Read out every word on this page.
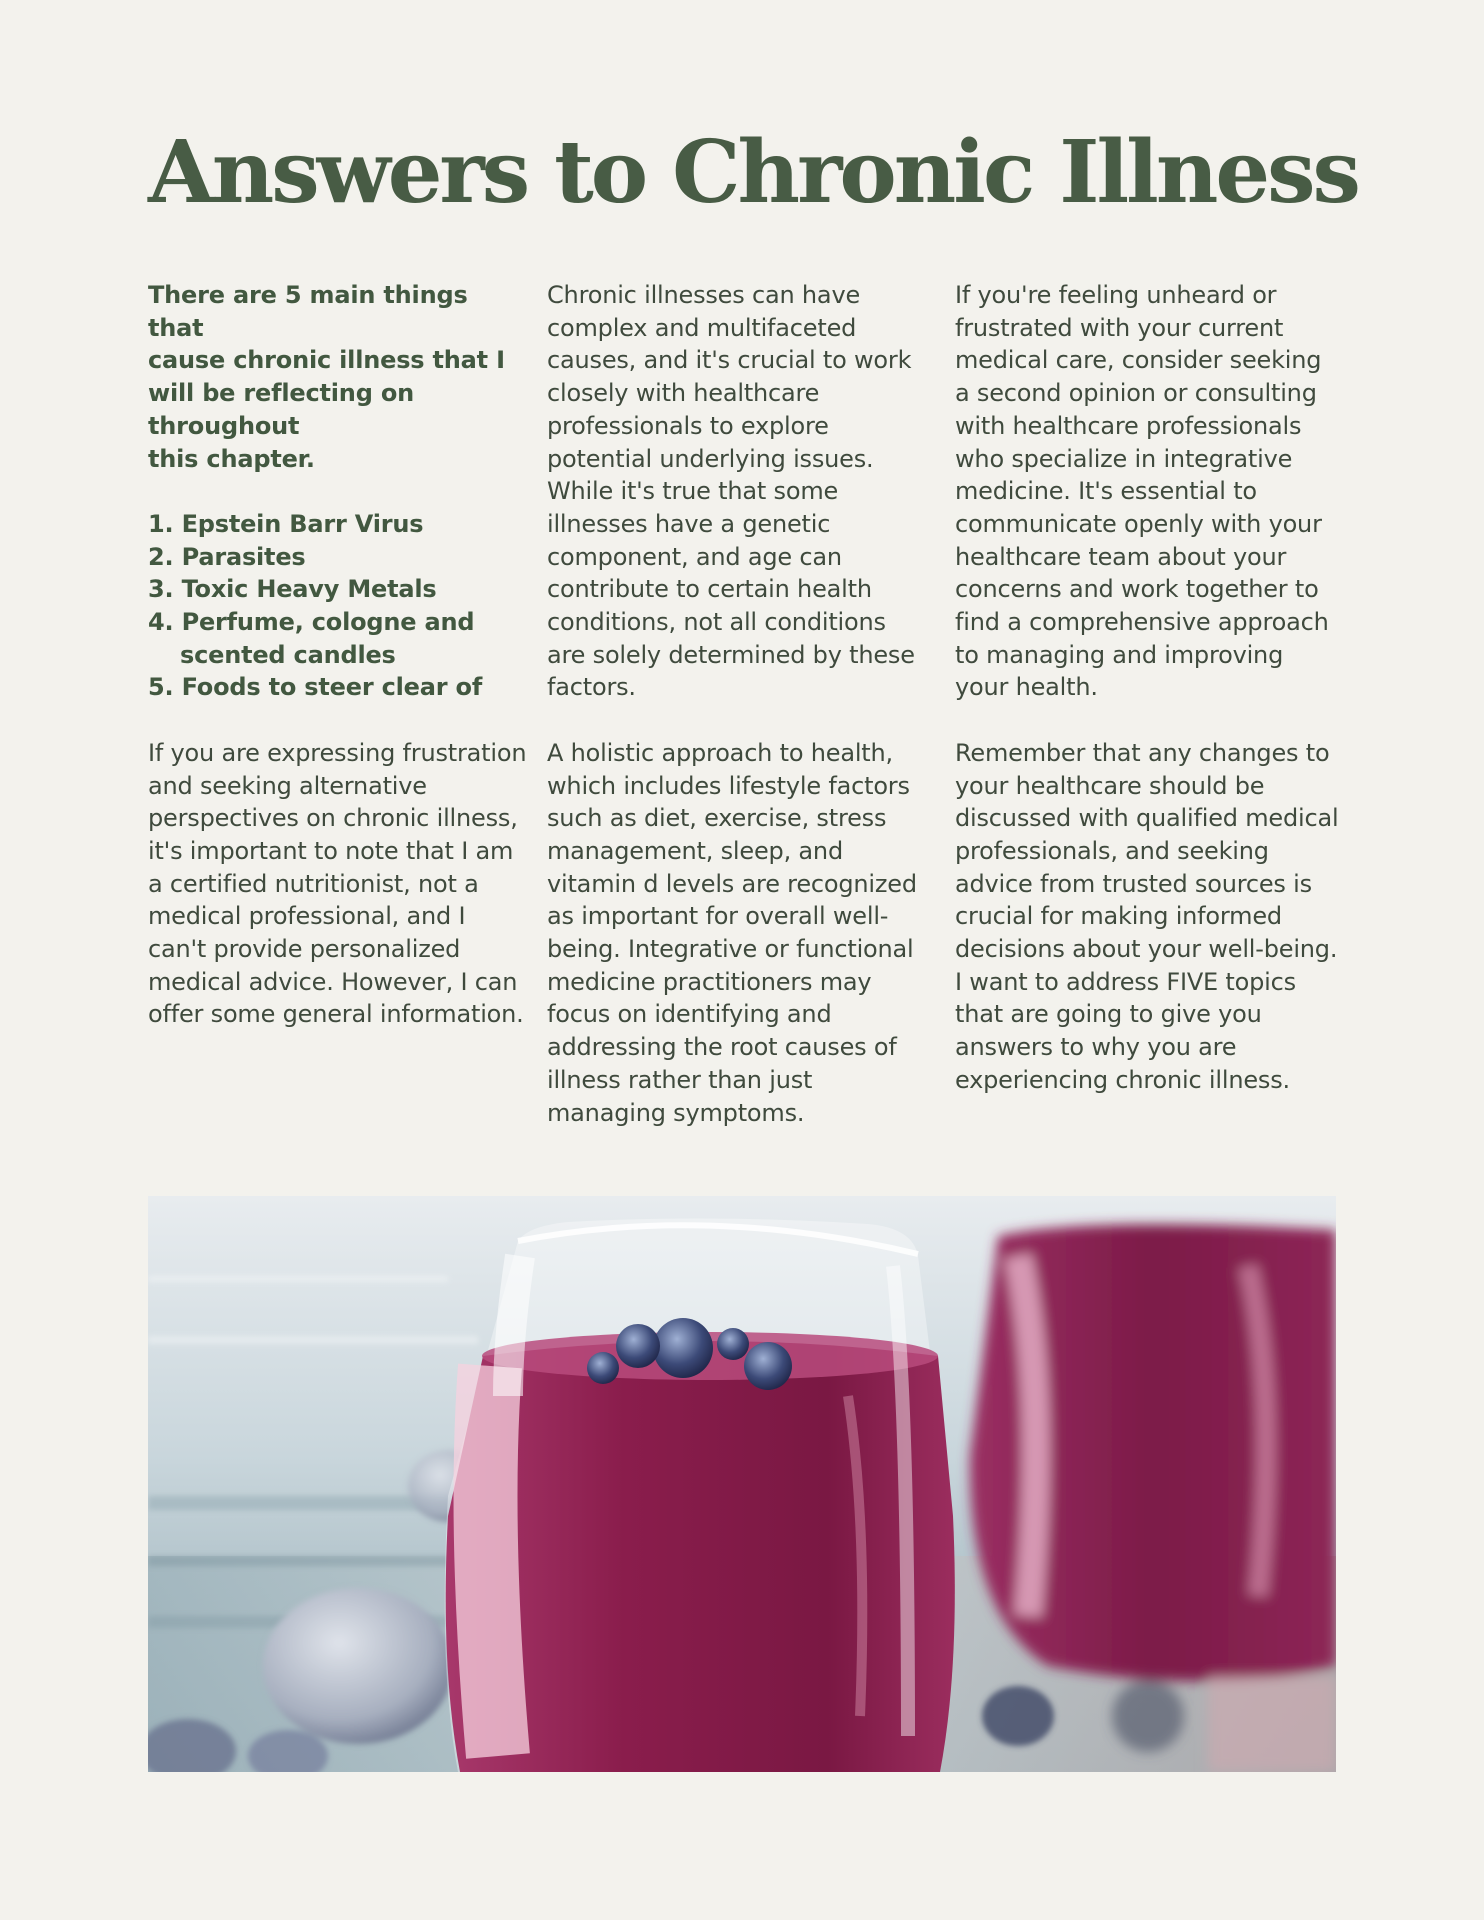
Answers to Chronic Illness

There are 5 main things that
cause chronic illness that I
will be reflecting on
throughout
this chapter.

1. Epstein Barr Virus
2. Parasites
3. Toxic Heavy Metals
4. Perfume, cologne and
scented candles
5. Foods to steer clear of

If you are expressing frustration and seeking alternative perspectives on chronic illness, it's important to note that I am a certified nutritionist, not a medical professional, and I can't provide personalized medical advice. However, I can offer some general information.

Chronic illnesses can have complex and multifaceted causes, and it's crucial to work closely with healthcare professionals to explore potential underlying issues. While it's true that some illnesses have a genetic component, and age can contribute to certain health conditions, not all conditions are solely determined by these factors.

A holistic approach to health, which includes lifestyle factors such as diet, exercise, stress management, sleep, and vitamin d levels are recognized as important for overall well-being. Integrative or functional medicine practitioners may focus on identifying and addressing the root causes of illness rather than just managing symptoms.

If you're feeling unheard or frustrated with your current medical care, consider seeking a second opinion or consulting with healthcare professionals who specialize in integrative medicine. It's essential to communicate openly with your healthcare team about your concerns and work together to find a comprehensive approach to managing and improving your health.

Remember that any changes to your healthcare should be discussed with qualified medical professionals, and seeking advice from trusted sources is crucial for making informed decisions about your well-being. I want to address FIVE topics that are going to give you answers to why you are experiencing chronic illness.
